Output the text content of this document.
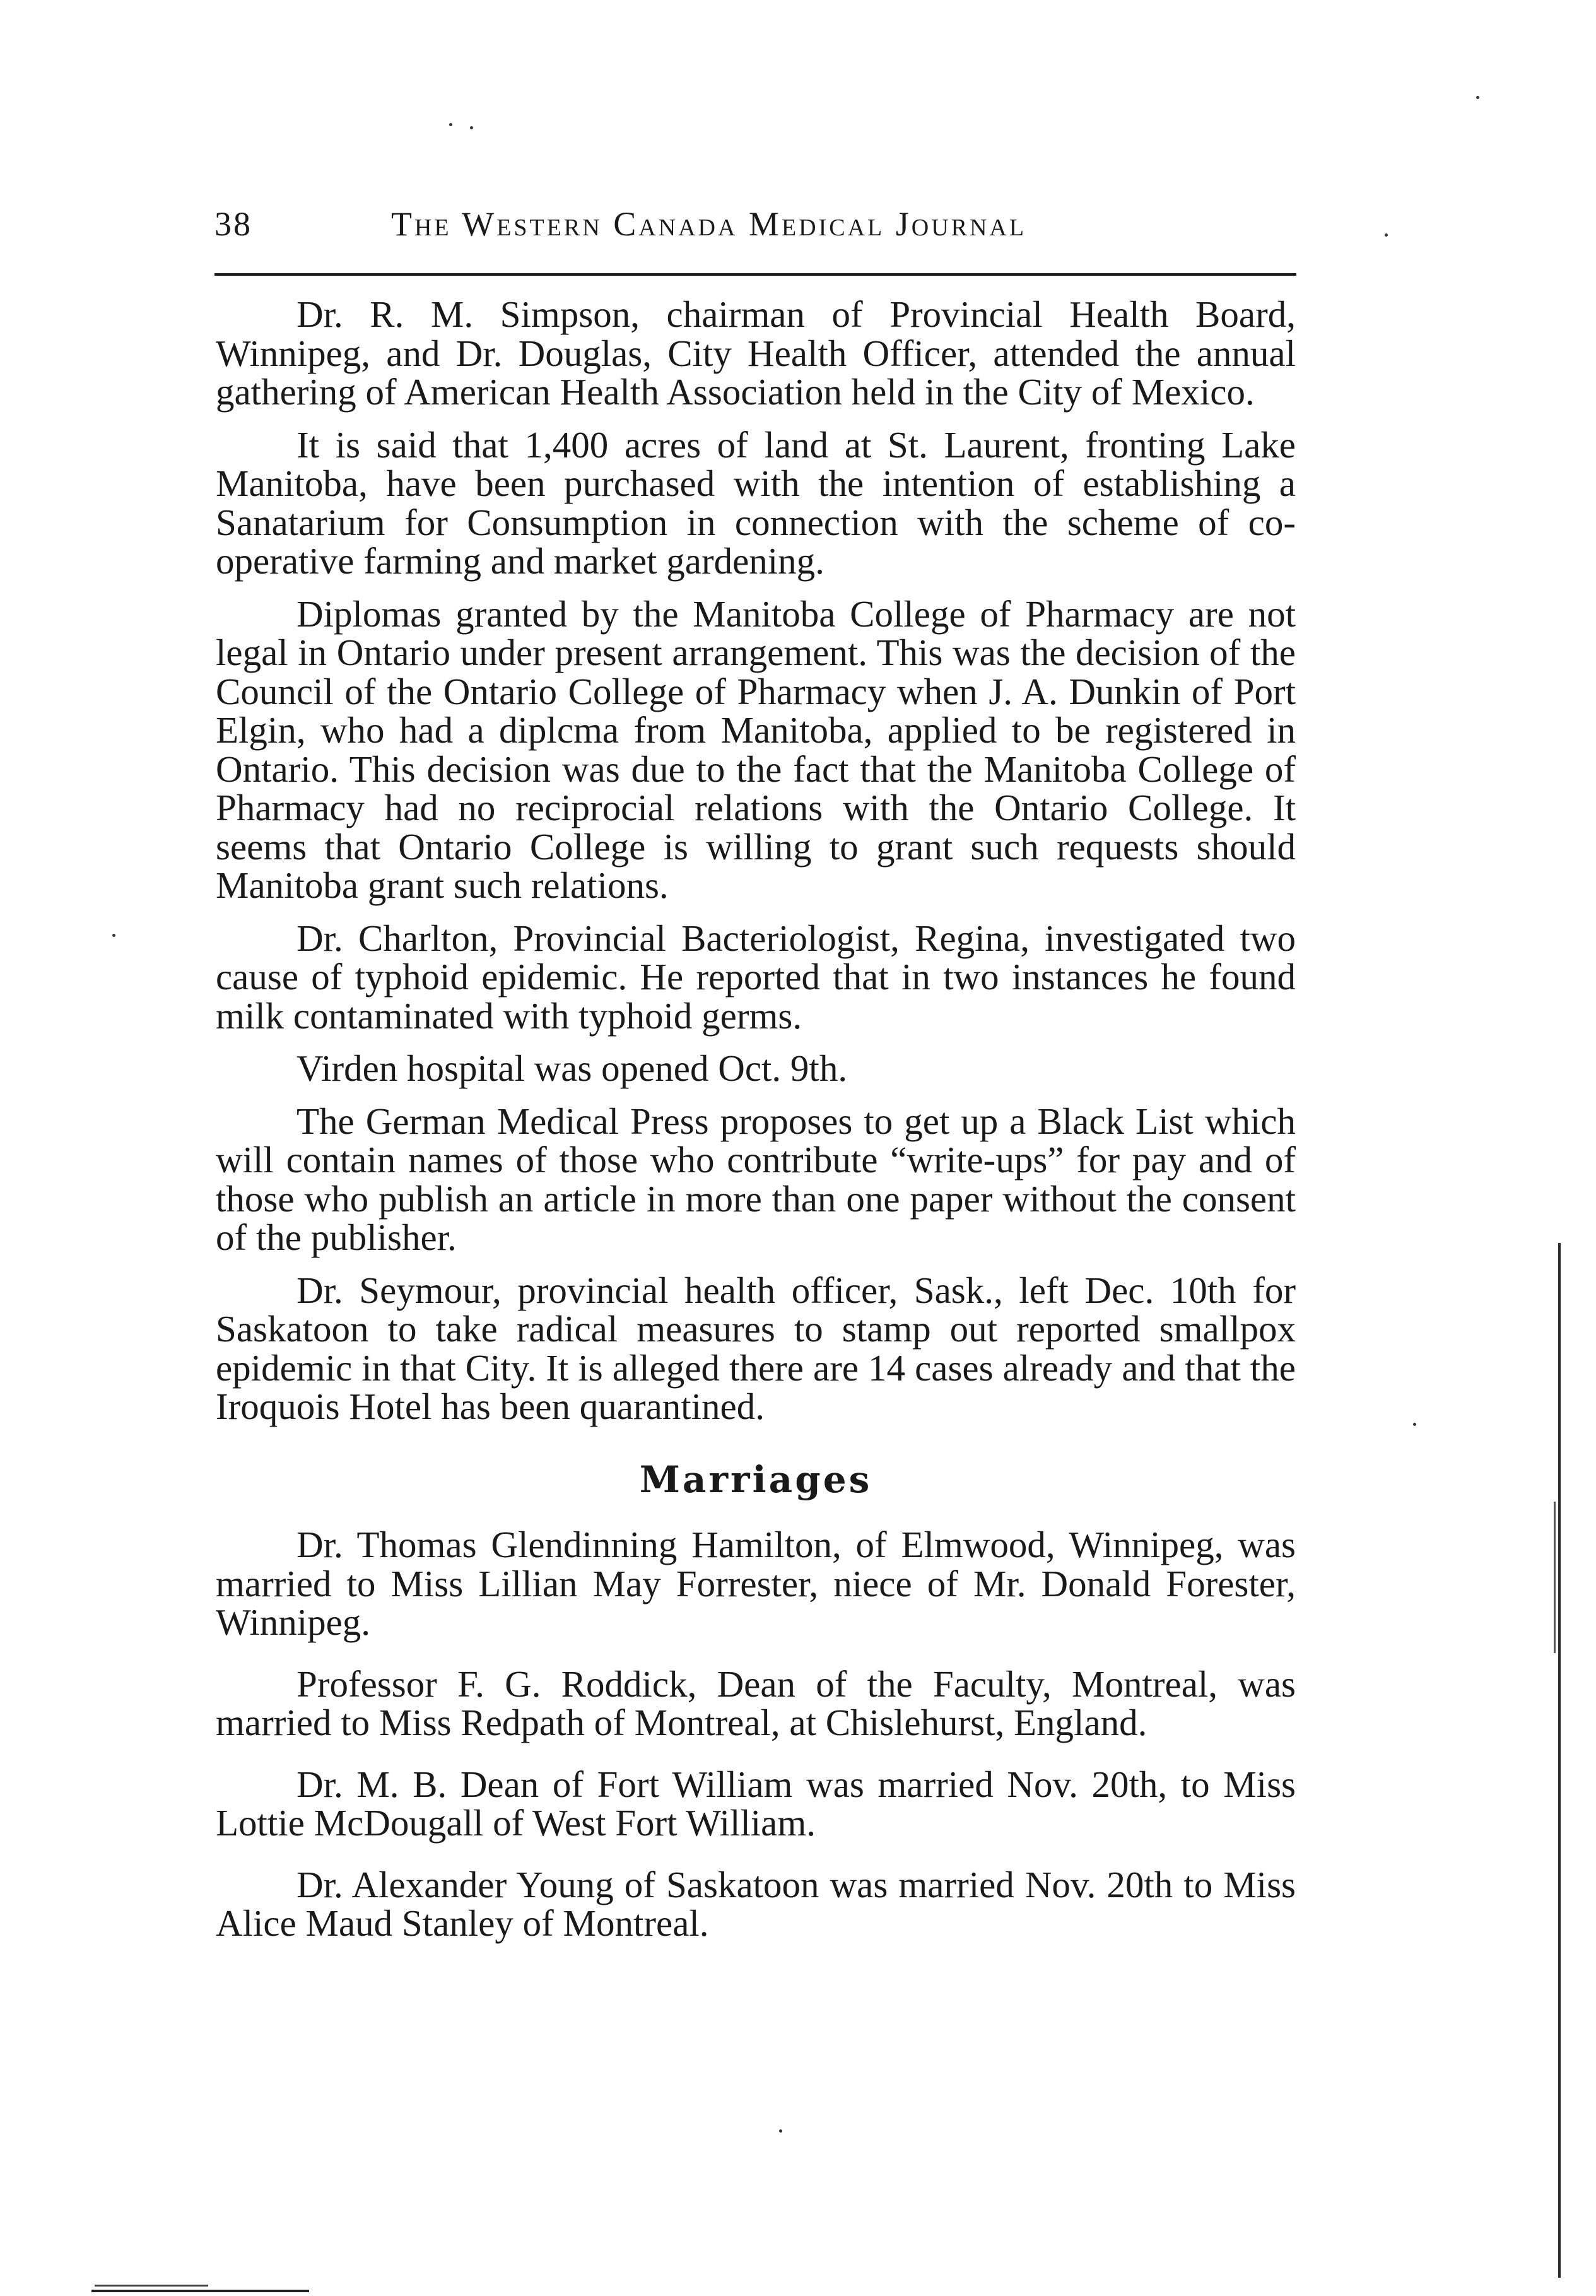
38	The Western Canada Medical Journal

Dr. R. M. Simpson, chairman of Provincial Health Board, Winnipeg, and Dr. Douglas, City Health Officer, attended the annual gathering of American Health Association held in the City of Mexico.

It is said that 1,400 acres of land at St. Laurent, fronting Lake Manitoba, have been purchased with the intention of establishing a Sanatarium for Consumption in connection with the scheme of co-operative farming and market gardening.

Diplomas granted by the Manitoba College of Pharmacy are not legal in Ontario under present arrangement. This was the decision of the Council of the Ontario College of Pharmacy when J. A. Dunkin of Port Elgin, who had a diplcma from Manitoba, applied to be registered in Ontario. This decision was due to the fact that the Manitoba College of Pharmacy had no reciprocial relations with the Ontario College. It seems that Ontario College is willing to grant such requests should Manitoba grant such relations.

Dr. Charlton, Provincial Bacteriologist, Regina, investigated two cause of typhoid epidemic. He reported that in two instances he found milk contaminated with typhoid germs.

Virden hospital was opened Oct. 9th.

The German Medical Press proposes to get up a Black List which will contain names of those who contribute “write-ups” for pay and of those who publish an article in more than one paper without the consent of the publisher.

Dr. Seymour, provincial health officer, Sask., left Dec. 10th for Saskatoon to take radical measures to stamp out reported smallpox epidemic in that City. It is alleged there are 14 cases already and that the Iroquois Hotel has been quarantined.

Marriages

Dr. Thomas Glendinning Hamilton, of Elmwood, Winnipeg, was married to Miss Lillian May Forrester, niece of Mr. Donald Forester, Winnipeg.

Professor F. G. Roddick, Dean of the Faculty, Montreal, was married to Miss Redpath of Montreal, at Chislehurst, England.

Dr. M. B. Dean of Fort William was married Nov. 20th, to Miss Lottie McDougall of West Fort William.

Dr. Alexander Young of Saskatoon was married Nov. 20th to Miss Alice Maud Stanley of Montreal.
